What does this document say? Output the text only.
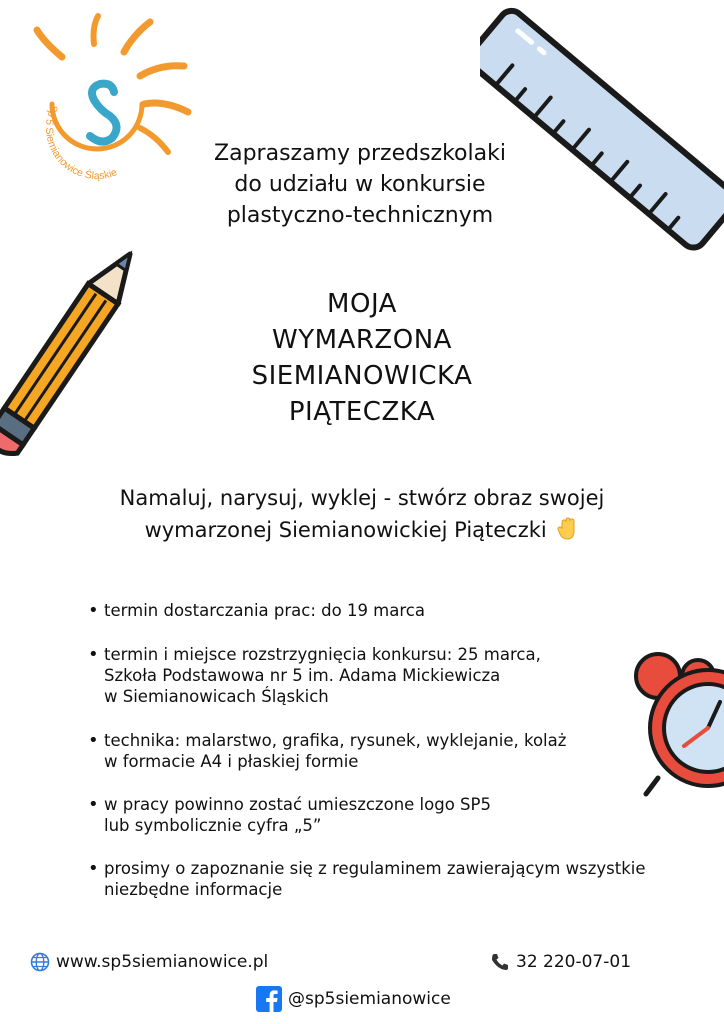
Sp 5 Siemianowice Śląskie
Zapraszamy przedszkolaki
do udziału w konkursie
plastyczno-technicznym
MOJA
WYMARZONA
SIEMIANOWICKA
PIĄTECZKA
Namaluj, narysuj, wyklej - stwórz obraz swojej
wymarzonej Siemianowickiej Piąteczki
• termin dostarczania prac: do 19 marca
• termin i miejsce rozstrzygnięcia konkursu: 25 marca,
Szkoła Podstawowa nr 5 im. Adama Mickiewicza
w Siemianowicach Śląskich
• technika: malarstwo, grafika, rysunek, wyklejanie, kolaż
w formacie A4 i płaskiej formie
• w pracy powinno zostać umieszczone logo SP5
lub symbolicznie cyfra „5”
• prosimy o zapoznanie się z regulaminem zawierającym wszystkie
niezbędne informacje
www.sp5siemianowice.pl	32 220-07-01
@sp5siemianowice
